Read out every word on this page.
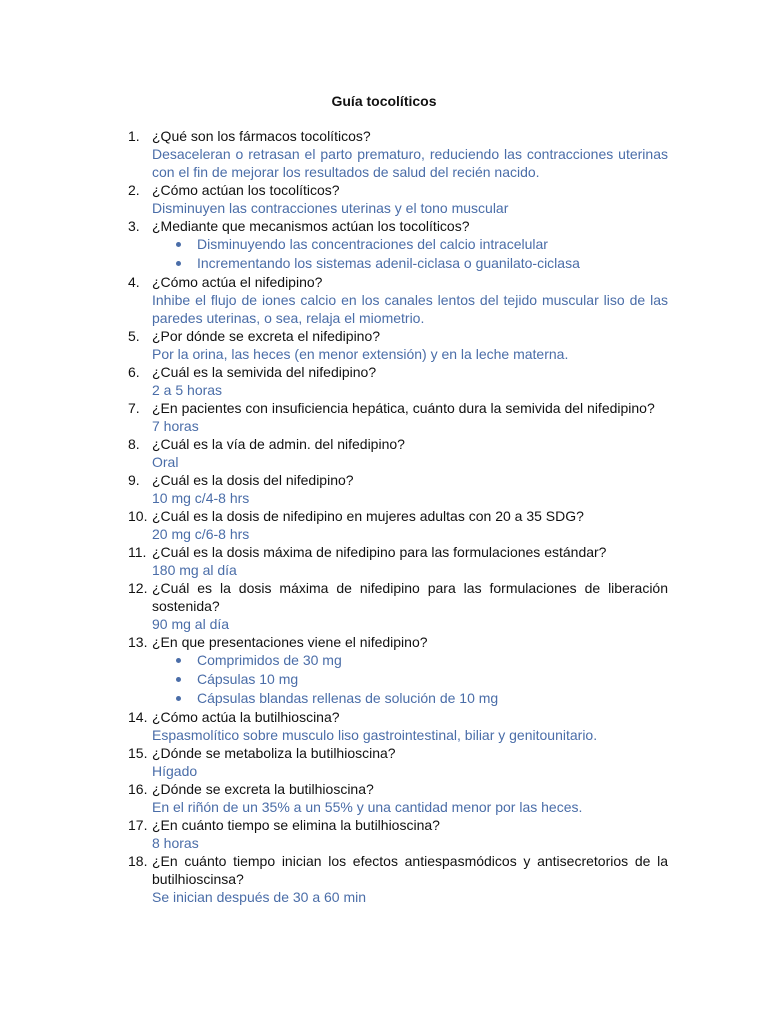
Guía tocolíticos
1. ¿Qué son los fármacos tocolíticos?
Desaceleran o retrasan el parto prematuro, reduciendo las contracciones uterinas con el fin de mejorar los resultados de salud del recién nacido.
2. ¿Cómo actúan los tocolíticos?
Disminuyen las contracciones uterinas y el tono muscular
3. ¿Mediante que mecanismos actúan los tocolíticos?
Disminuyendo las concentraciones del calcio intracelular
Incrementando los sistemas adenil-ciclasa o guanilato-ciclasa
4. ¿Cómo actúa el nifedipino?
Inhibe el flujo de iones calcio en los canales lentos del tejido muscular liso de las paredes uterinas, o sea, relaja el miometrio.
5. ¿Por dónde se excreta el nifedipino?
Por la orina, las heces (en menor extensión) y en la leche materna.
6. ¿Cuál es la semivida del nifedipino?
2 a 5 horas
7. ¿En pacientes con insuficiencia hepática, cuánto dura la semivida del nifedipino?
7 horas
8. ¿Cuál es la vía de admin. del nifedipino?
Oral
9. ¿Cuál es la dosis del nifedipino?
10 mg c/4-8 hrs
10. ¿Cuál es la dosis de nifedipino en mujeres adultas con 20 a 35 SDG?
20 mg c/6-8 hrs
11. ¿Cuál es la dosis máxima de nifedipino para las formulaciones estándar?
180 mg al día
12. ¿Cuál es la dosis máxima de nifedipino para las formulaciones de liberación sostenida?
90 mg al día
13. ¿En que presentaciones viene el nifedipino?
Comprimidos de 30 mg
Cápsulas 10 mg
Cápsulas blandas rellenas de solución de 10 mg
14. ¿Cómo actúa la butilhioscina?
Espasmolítico sobre musculo liso gastrointestinal, biliar y genitounitario.
15. ¿Dónde se metaboliza la butilhioscina?
Hígado
16. ¿Dónde se excreta la butilhioscina?
En el riñón de un 35% a un 55% y una cantidad menor por las heces.
17. ¿En cuánto tiempo se elimina la butilhioscina?
8 horas
18. ¿En cuánto tiempo inician los efectos antiespasmódicos y antisecretorios de la butilhioscinsa?
Se inician después de 30 a 60 min
